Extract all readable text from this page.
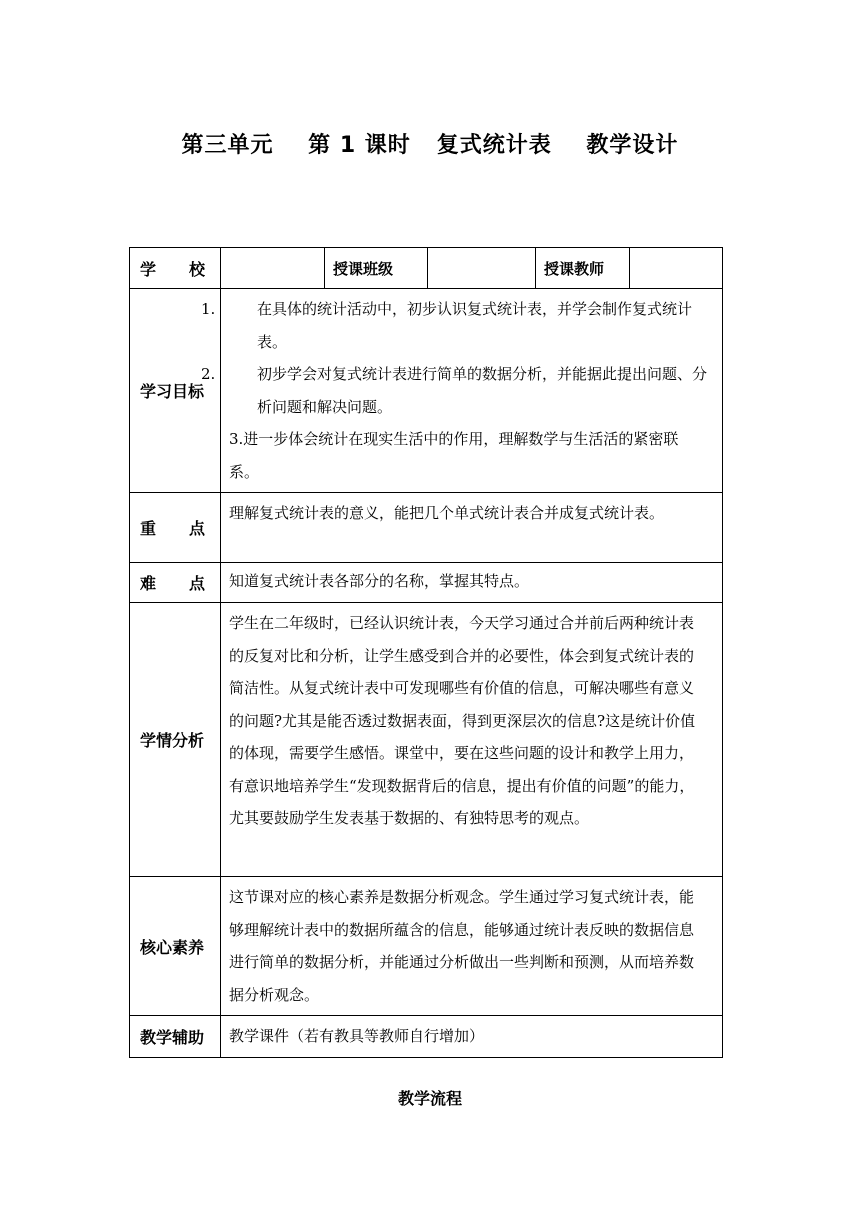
第三单元    第 1 课时   复式统计表    教学设计
学 校		授课班级		授课教师	
学习目标	1. 在具体的统计活动中，初步认识复式统计表，并学会制作复式统计表。

2. 初步学会对复式统计表进行简单的数据分析，并能据此提出问题、分析问题和解决问题。

3.进一步体会统计在现实生活中的作用，理解数学与生活活的紧密联系。				

重 点	理解复式统计表的意义，能把几个单式统计表合并成复式统计表。				

难 点	知道复式统计表各部分的名称，掌握其特点。				
学情分析	学生在二年级时，已经认识统计表，今天学习通过合并前后两种统计表的反复对比和分析，让学生感受到合并的必要性，体会到复式统计表的简洁性。从复式统计表中可发现哪些有价值的信息，可解决哪些有意义的问题?尤其是能否透过数据表面，得到更深层次的信息?这是统计价值的体现，需要学生感悟。课堂中，要在这些问题的设计和教学上用力，有意识地培养学生“发现数据背后的信息，提出有价值的问题”的能力，尤其要鼓励学生发表基于数据的、有独特思考的观点。				
核心素养	这节课对应的核心素养是数据分析观念。学生通过学习复式统计表，能够理解统计表中的数据所蕴含的信息，能够通过统计表反映的数据信息进行简单的数据分析，并能通过分析做出一些判断和预测，从而培养数据分析观念。				
教学辅助	教学课件（若有教具等教师自行增加）				

教学流程
